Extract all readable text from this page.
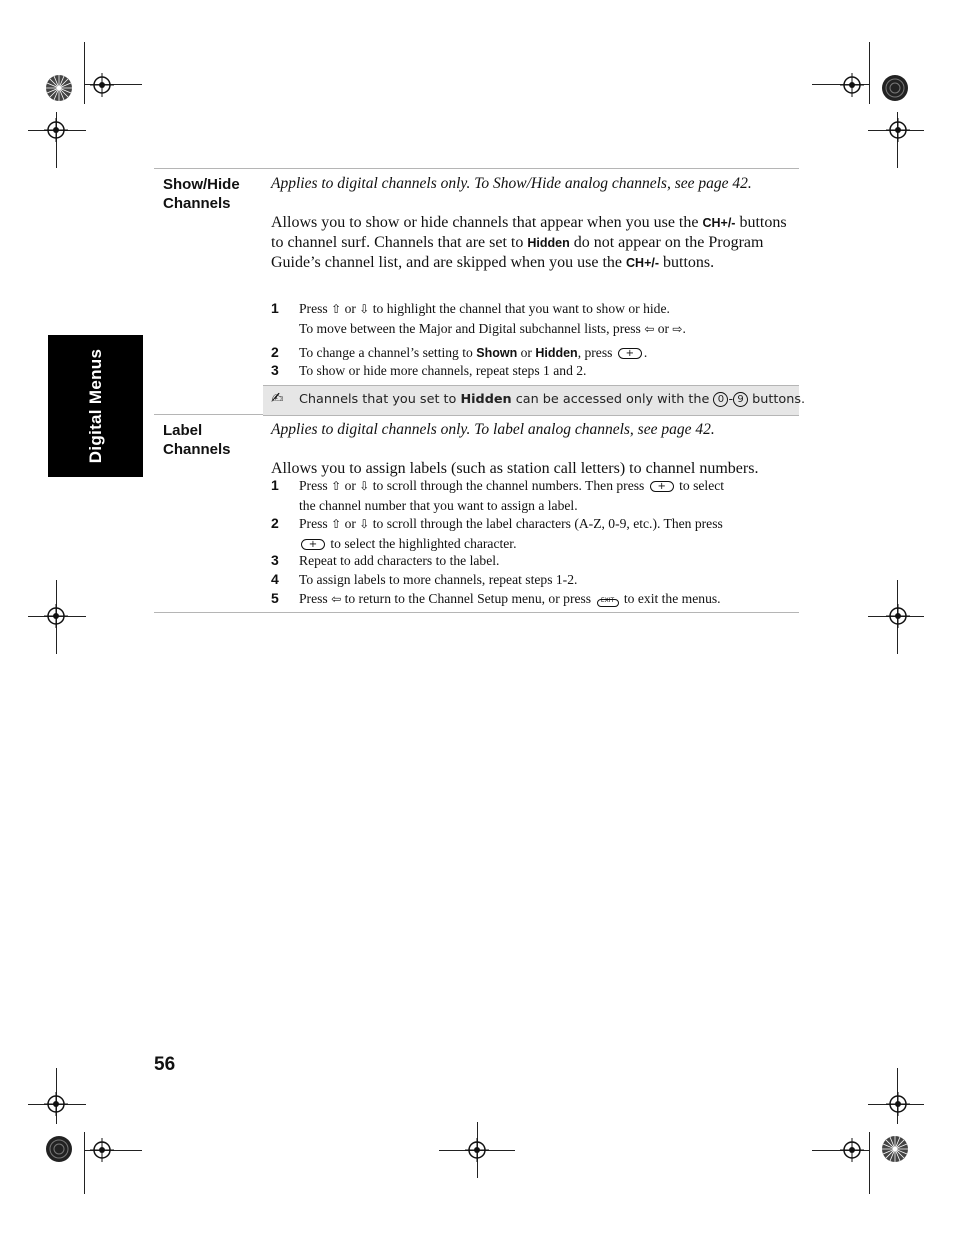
Digital Menus
Show/Hide
Channels
Applies to digital channels only. To Show/Hide analog channels, see page 42.
Allows you to show or hide channels that appear when you use the CH+/- buttons to channel surf. Channels that are set to Hidden do not appear on the Program Guide’s channel list, and are skipped when you use the CH+/- buttons.
1 Press ⇧ or ⇩ to highlight the channel that you want to show or hide.
To move between the Major and Digital subchannel lists, press ⇦ or ⇨.
2 To change a channel’s setting to Shown or Hidden, press +.
3 To show or hide more channels, repeat steps 1 and 2.
✍ Channels that you set to Hidden can be accessed only with the 0 - 9 buttons.
Label
Channels
Applies to digital channels only. To label analog channels, see page 42.
Allows you to assign labels (such as station call letters) to channel numbers.
1 Press ⇧ or ⇩ to scroll through the channel numbers. Then press + to select
the channel number that you want to assign a label.
2 Press ⇧ or ⇩ to scroll through the label characters (A-Z, 0-9, etc.). Then press
+ to select the highlighted character.
3 Repeat to add characters to the label.
4 To assign labels to more channels, repeat steps 1-2.
5 Press ⇦ to return to the Channel Setup menu, or press	EXIT to exit the menus.
56
